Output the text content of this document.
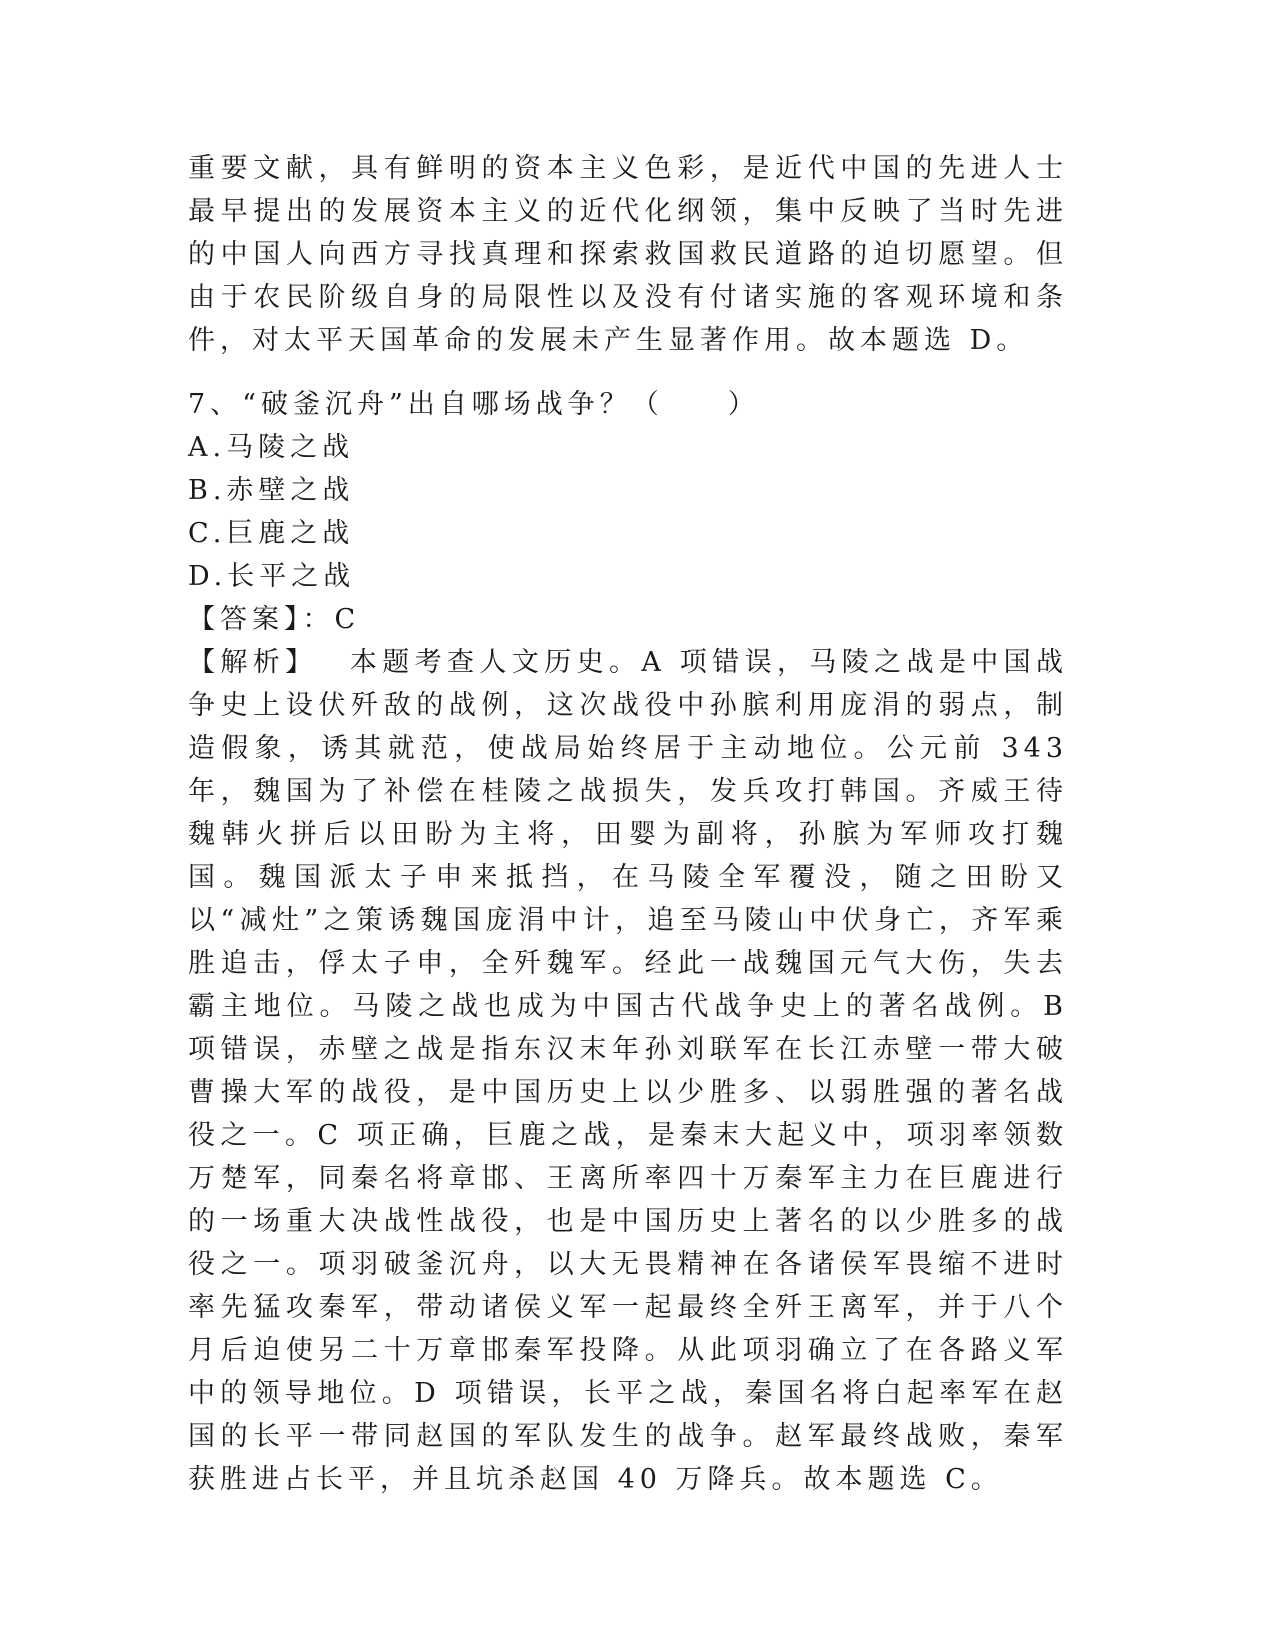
重要文献，具有鲜明的资本主义色彩，是近代中国的先进人士最早提出的发展资本主义的近代化纲领，集中反映了当时先进的中国人向西方寻找真理和探索救国救民道路的迫切愿望。但由于农民阶级自身的局限性以及没有付诸实施的客观环境和条件，对太平天国革命的发展未产生显著作用。故本题选 D。

7、“破釜沉舟”出自哪场战争？（　　）

A.马陵之战

B.赤壁之战

C.巨鹿之战

D.长平之战

【答案】：C

【解析】 本题考查人文历史。A 项错误，马陵之战是中国战争史上设伏歼敌的战例，这次战役中孙膑利用庞涓的弱点，制造假象，诱其就范，使战局始终居于主动地位。公元前 343 年，魏国为了补偿在桂陵之战损失，发兵攻打韩国。齐威王待魏韩火拼后以田盼为主将，田婴为副将，孙膑为军师攻打魏国。魏国派太子申来抵挡，在马陵全军覆没，随之田盼又以“减灶”之策诱魏国庞涓中计，追至马陵山中伏身亡，齐军乘胜追击，俘太子申，全歼魏军。经此一战魏国元气大伤，失去霸主地位。马陵之战也成为中国古代战争史上的著名战例。B 项错误，赤壁之战是指东汉末年孙刘联军在长江赤壁一带大破曹操大军的战役，是中国历史上以少胜多、以弱胜强的著名战役之一。C 项正确，巨鹿之战，是秦末大起义中，项羽率领数万楚军，同秦名将章邯、王离所率四十万秦军主力在巨鹿进行的一场重大决战性战役，也是中国历史上著名的以少胜多的战役之一。项羽破釜沉舟，以大无畏精神在各诸侯军畏缩不进时率先猛攻秦军，带动诸侯义军一起最终全歼王离军，并于八个月后迫使另二十万章邯秦军投降。从此项羽确立了在各路义军中的领导地位。D 项错误，长平之战，秦国名将白起率军在赵国的长平一带同赵国的军队发生的战争。赵军最终战败，秦军获胜进占长平，并且坑杀赵国 40 万降兵。故本题选 C。
